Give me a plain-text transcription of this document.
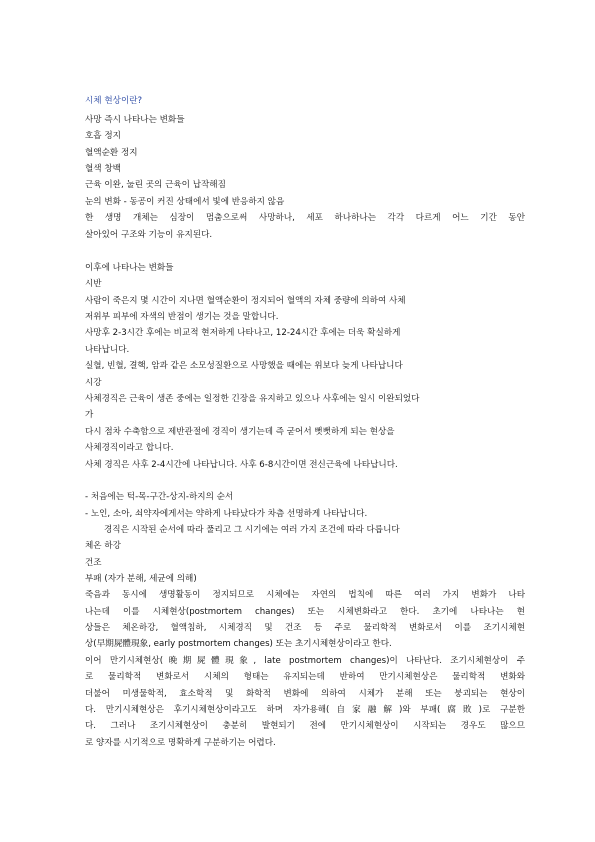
시체 현상이란?
사망 즉시 나타나는 변화들
호흡 정지
혈액순환 정지
혈색 창백
근육 이완, 눌린 곳의 근육이 납작해짐
눈의 변화 - 동공이 커진 상태에서 빛에 반응하지 않음
한 생명 개체는 심장이 멈춤으로써 사망하나, 세포 하나하나는 각각 다르게 어느 기간 동안
살아있어 구조와 기능이 유지된다.
이후에 나타나는 변화들
시반
사람이 죽은지 몇 시간이 지나면 혈액순환이 정지되어 혈액의 자체 중량에 의하여 사체
저위부 피부에 자색의 반점이 생기는 것을 말합니다.
사망후 2-3시간 후에는 비교적 현저하게 나타나고, 12-24시간 후에는 더욱 확실하게
나타납니다.
실혈, 빈혈, 결핵, 암과 같은 소모성질환으로 사망했을 때에는 위보다 늦게 나타납니다
시강
사체경직은 근육이 생존 중에는 일정한 긴장을 유지하고 있으나 사후에는 일시 이완되었다
가
다시 점차 수축함으로 제반관절에 경직이 생기는데 즉 굳어서 뻣뻣하게 되는 현상을
사체경직이라고 합니다.
사체 경직은 사후 2-4시간에 나타납니다. 사후 6-8시간이면 전신근육에 나타납니다.
- 처음에는 턱-목-구간-상지-하지의 순서
- 노인, 소아, 쇠약자에게서는 약하게 나타났다가 차츰 선명하게 나타납니다.
경직은 시작된 순서에 따라 풀리고 그 시기에는 여러 가지 조건에 따라 다릅니다
체온 하강
건조
부패 (자가 분해, 세균에 의해)
죽음과 동시에 생명활동이 정지되므로 시체에는 자연의 법칙에 따른 여러 가지 변화가 나타
나는데 이를 시체현상(postmortem changes) 또는 시체변화라고 한다. 초기에 나타나는 현
상들은 체온하강, 혈액침하, 시체경직 및 건조 등 주로 물리학적 변화로서 이를 조기시체현
상(早期屍體現象, early postmortem changes) 또는 초기시체현상이라고 한다.
이어 만기시체현상(晩期屍體現象, late postmortem changes)이 나타난다. 조기시체현상이 주
로 물리학적 변화로서 시체의 형태는 유지되는데 반하여 만기시체현상은 물리학적 변화와
더불어 미생물학적, 효소학적 및 화학적 변화에 의하여 시체가 분해 또는 붕괴되는 현상이
다. 만기시체현상은 후기시체현상이라고도 하며 자가용해(自家融解)와 부패(腐敗)로 구분한
다. 그러나 조기시체현상이 충분히 발현되기 전에 만기시체현상이 시작되는 경우도 많으므
로 양자를 시기적으로 명확하게 구분하기는 어렵다.
